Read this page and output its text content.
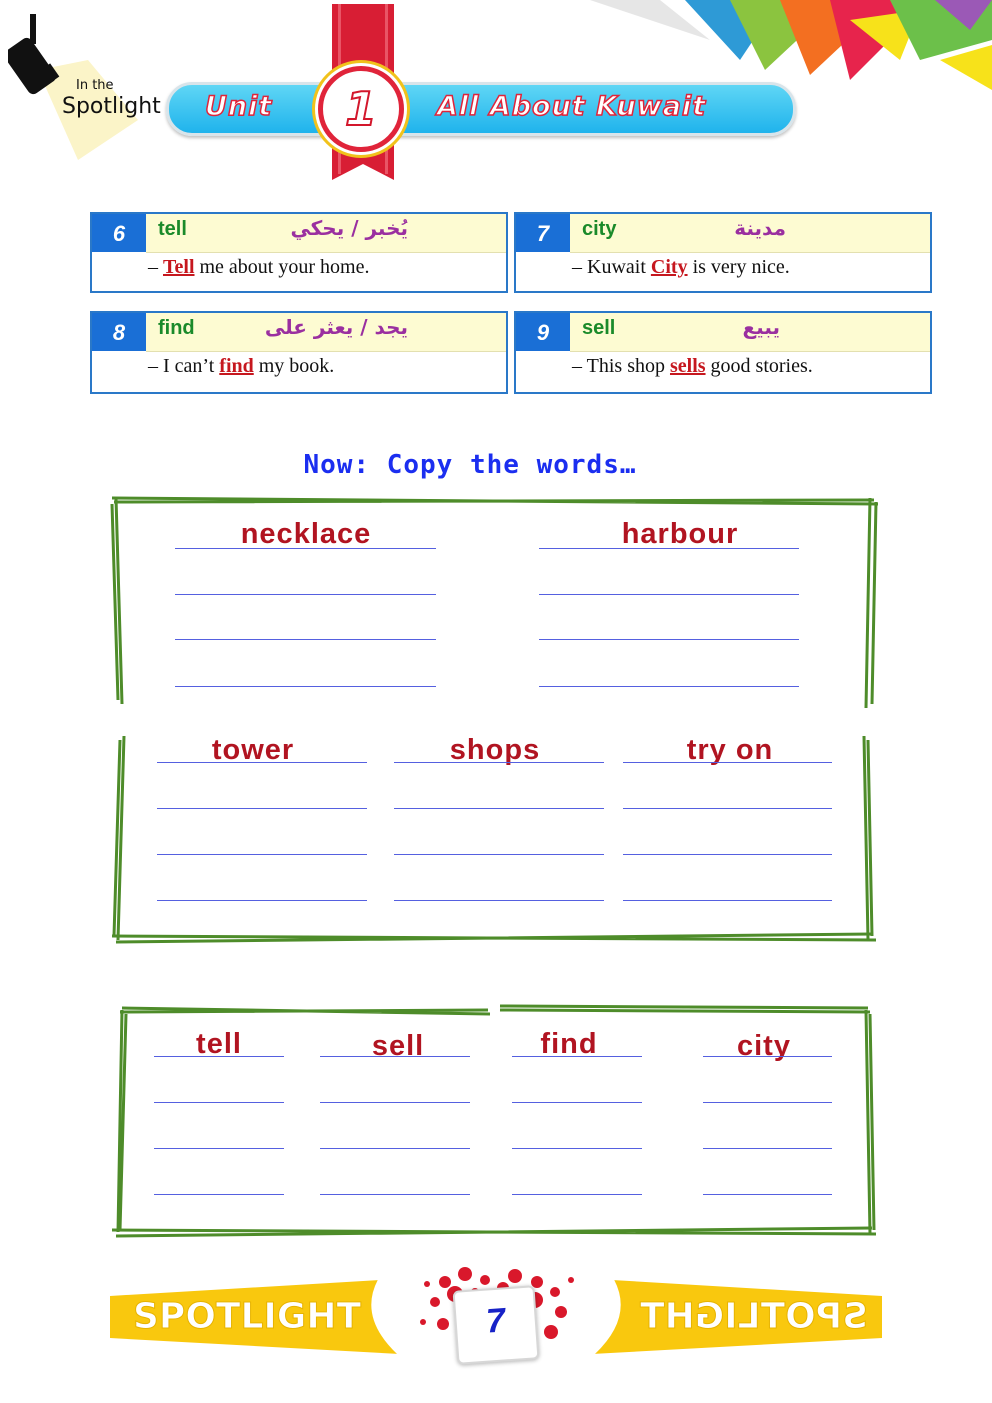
In the
Spotlight Unit	All About Kuwait
1
6	tell	يُخبر / يحكي
– Tell me about your home.
7	city	مدينة
– Kuwait City is very nice.
8	find	يجد / يعثر على
– I can’t find my book.
9	sell	يبيع
– This shop sells good stories.
Now: Copy the words…
necklace	harbour
tower	shops	try on
tell	sell	find	city
SPOTLIGHT	SPOTLIGHT
7
